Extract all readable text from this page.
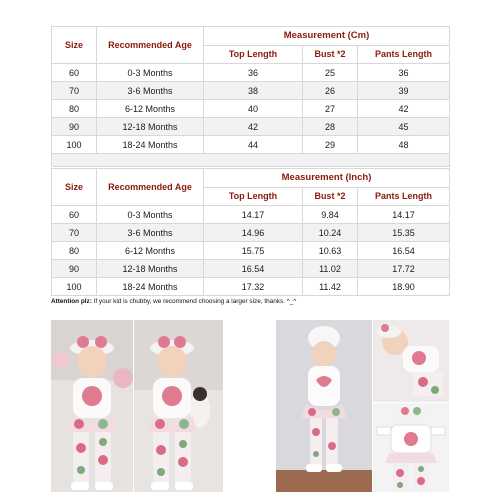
Size	Recommended Age	Measurement (Cm)		
		Top Length	Bust *2	Pants Length
60	0-3 Months	36	25	36
70	3-6 Months	38	26	39
80	6-12 Months	40	27	42
90	12-18 Months	42	28	45
100	18-24 Months	44	29	48

Size	Recommended Age	Measurement (Inch)		
		Top Length	Bust *2	Pants Length
60	0-3 Months	14.17	9.84	14.17
70	3-6 Months	14.96	10.24	15.35
80	6-12 Months	15.75	10.63	16.54
90	12-18 Months	16.54	11.02	17.72
100	18-24 Months	17.32	11.42	18.90
Attention plz: If your kid is chubby, we recommend choosing a larger size, thanks. ^_^
